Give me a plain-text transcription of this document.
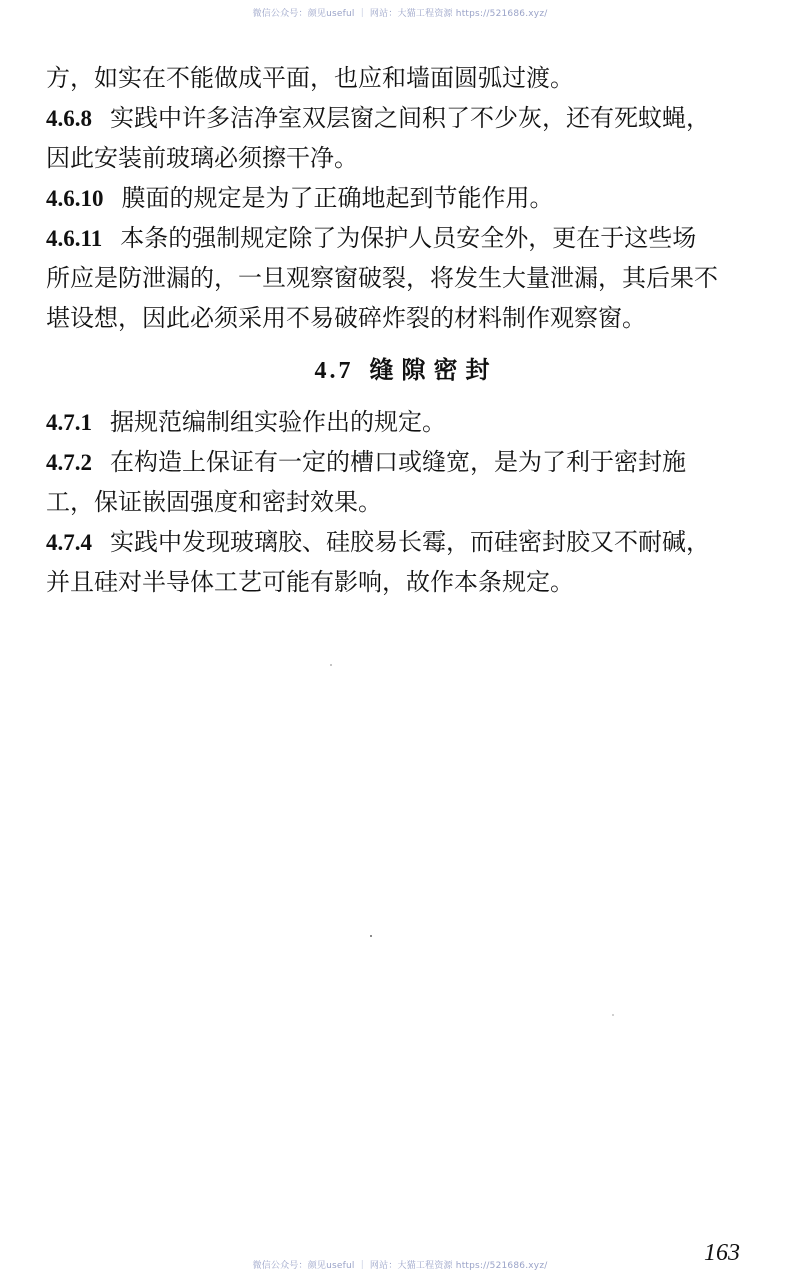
微信公众号：颜见useful ｜ 网站：大猫工程资源 https://521686.xyz/
方，如实在不能做成平面，也应和墙面圆弧过渡。
4.6.8 实践中许多洁净室双层窗之间积了不少灰，还有死蚊蝇，
因此安装前玻璃必须擦干净。
4.6.10 膜面的规定是为了正确地起到节能作用。
4.6.11 本条的强制规定除了为保护人员安全外，更在于这些场
所应是防泄漏的，一旦观察窗破裂，将发生大量泄漏，其后果不
堪设想，因此必须采用不易破碎炸裂的材料制作观察窗。
4.7 缝隙密封
4.7.1 据规范编制组实验作出的规定。
4.7.2 在构造上保证有一定的槽口或缝宽，是为了利于密封施
工，保证嵌固强度和密封效果。
4.7.4 实践中发现玻璃胶、硅胶易长霉，而硅密封胶又不耐碱，
并且硅对半导体工艺可能有影响，故作本条规定。
163
微信公众号：颜见useful ｜ 网站：大猫工程资源 https://521686.xyz/
